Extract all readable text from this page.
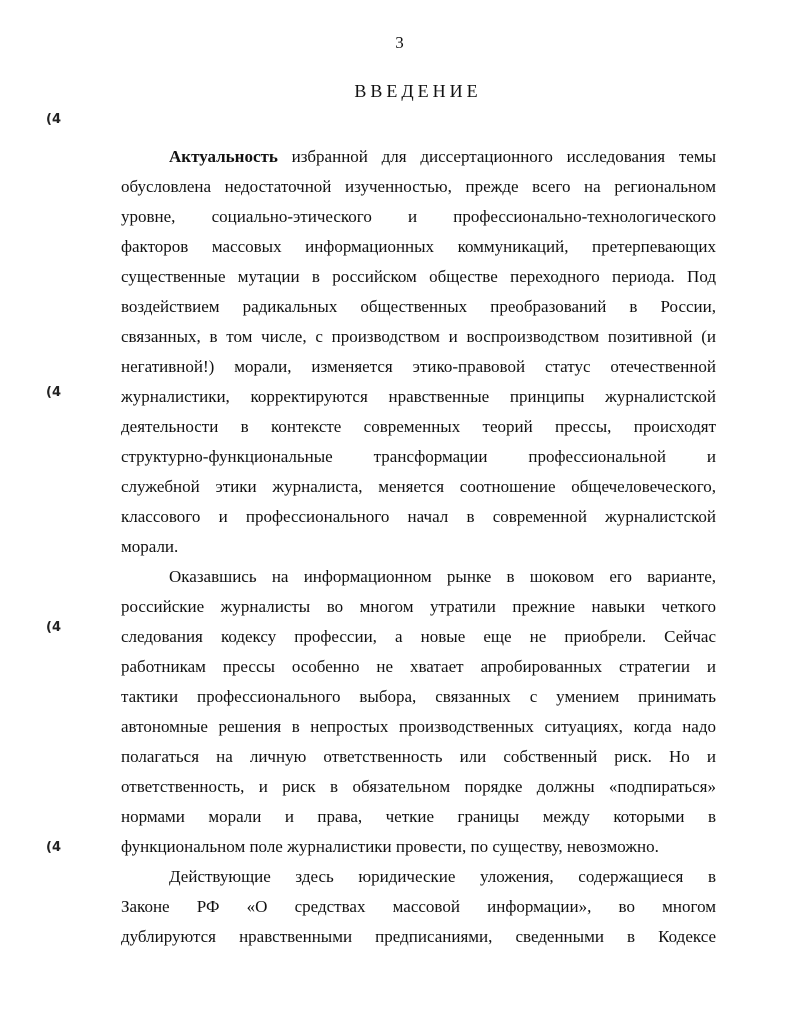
3
ВВЕДЕНИЕ
(4
(4
(4
(4
Актуальность избранной для диссертационного исследования темы
обусловлена недостаточной изученностью, прежде всего на региональном
уровне, социально-этического и профессионально-технологического
факторов массовых информационных коммуникаций, претерпевающих
существенные мутации в российском обществе переходного периода. Под
воздействием радикальных общественных преобразований в России,
связанных, в том числе, с производством и воспроизводством позитивной (и
негативной!) морали, изменяется этико-правовой статус отечественной
журналистики, корректируются нравственные принципы журналистской
деятельности в контексте современных теорий прессы, происходят
структурно-функциональные трансформации профессиональной и
служебной этики журналиста, меняется соотношение общечеловеческого,
классового и профессионального начал в современной журналистской
морали.
Оказавшись на информационном рынке в шоковом его варианте,
российские журналисты во многом утратили прежние навыки четкого
следования кодексу профессии, а новые еще не приобрели. Сейчас
работникам прессы особенно не хватает апробированных стратегии и
тактики профессионального выбора, связанных с умением принимать
автономные решения в непростых производственных ситуациях, когда надо
полагаться на личную ответственность или собственный риск. Но и
ответственность, и риск в обязательном порядке должны «подпираться»
нормами морали и права, четкие границы между которыми в
функциональном поле журналистики провести, по существу, невозможно.
Действующие здесь юридические уложения, содержащиеся в
Законе РФ «О средствах массовой информации», во многом
дублируются нравственными предписаниями, сведенными в Кодексе
